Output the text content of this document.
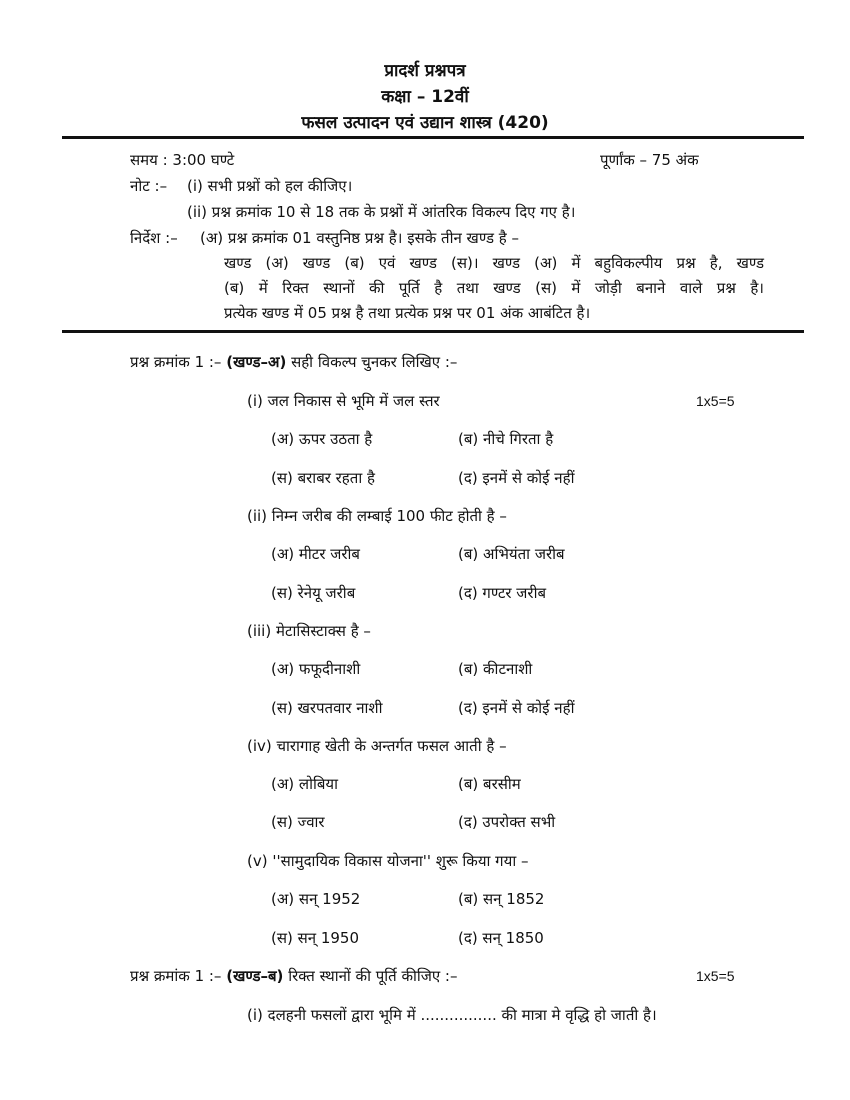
प्रादर्श प्रश्नपत्र
कक्षा – 12वीं
फसल उत्पादन एवं उद्यान शास्त्र (420)
समय : 3:00 घण्टे	पूर्णांक – 75 अंक
नोट :– (i) सभी प्रश्नों को हल कीजिए।
(ii) प्रश्न क्रमांक 10 से 18 तक के प्रश्नों में आंतरिक विकल्प दिए गए है।
निर्देश :– (अ) प्रश्न क्रमांक 01 वस्तुनिष्ठ प्रश्न है। इसके तीन खण्ड है –
खण्ड (अ) खण्ड (ब) एवं खण्ड (स)। खण्ड (अ) में बहुविकल्पीय प्रश्न है, खण्ड
(ब) में रिक्त स्थानों की पूर्ति है तथा खण्ड (स) में जोड़ी बनाने वाले प्रश्न है।
प्रत्येक खण्ड में 05 प्रश्न है तथा प्रत्येक प्रश्न पर 01 अंक आबंटित है।
प्रश्न क्रमांक 1 :– (खण्ड–अ) सही विकल्प चुनकर लिखिए :–
(i) जल निकास से भूमि में जल स्तर	1x5=5
(अ) ऊपर उठता है	(ब) नीचे गिरता है
(स) बराबर रहता है	(द) इनमें से कोई नहीं
(ii) निम्न जरीब की लम्बाई 100 फीट होती है –
(अ) मीटर जरीब	(ब) अभियंता जरीब
(स) रेनेयू जरीब	(द) गण्टर जरीब
(iii) मेटासिस्टाक्स है –
(अ) फफूदीनाशी	(ब) कीटनाशी
(स) खरपतवार नाशी	(द) इनमें से कोई नहीं
(iv) चारागाह खेती के अन्तर्गत फसल आती है –
(अ) लोबिया	(ब) बरसीम
(स) ज्वार	(द) उपरोक्त सभी
(v) ''सामुदायिक विकास योजना'' शुरू किया गया –
(अ) सन् 1952	(ब) सन् 1852
(स) सन् 1950	(द) सन् 1850
प्रश्न क्रमांक 1 :– (खण्ड–ब) रिक्त स्थानों की पूर्ति कीजिए :–	1x5=5
(i) दलहनी फसलों द्वारा भूमि में ................ की मात्रा मे वृद्धि हो जाती है।
